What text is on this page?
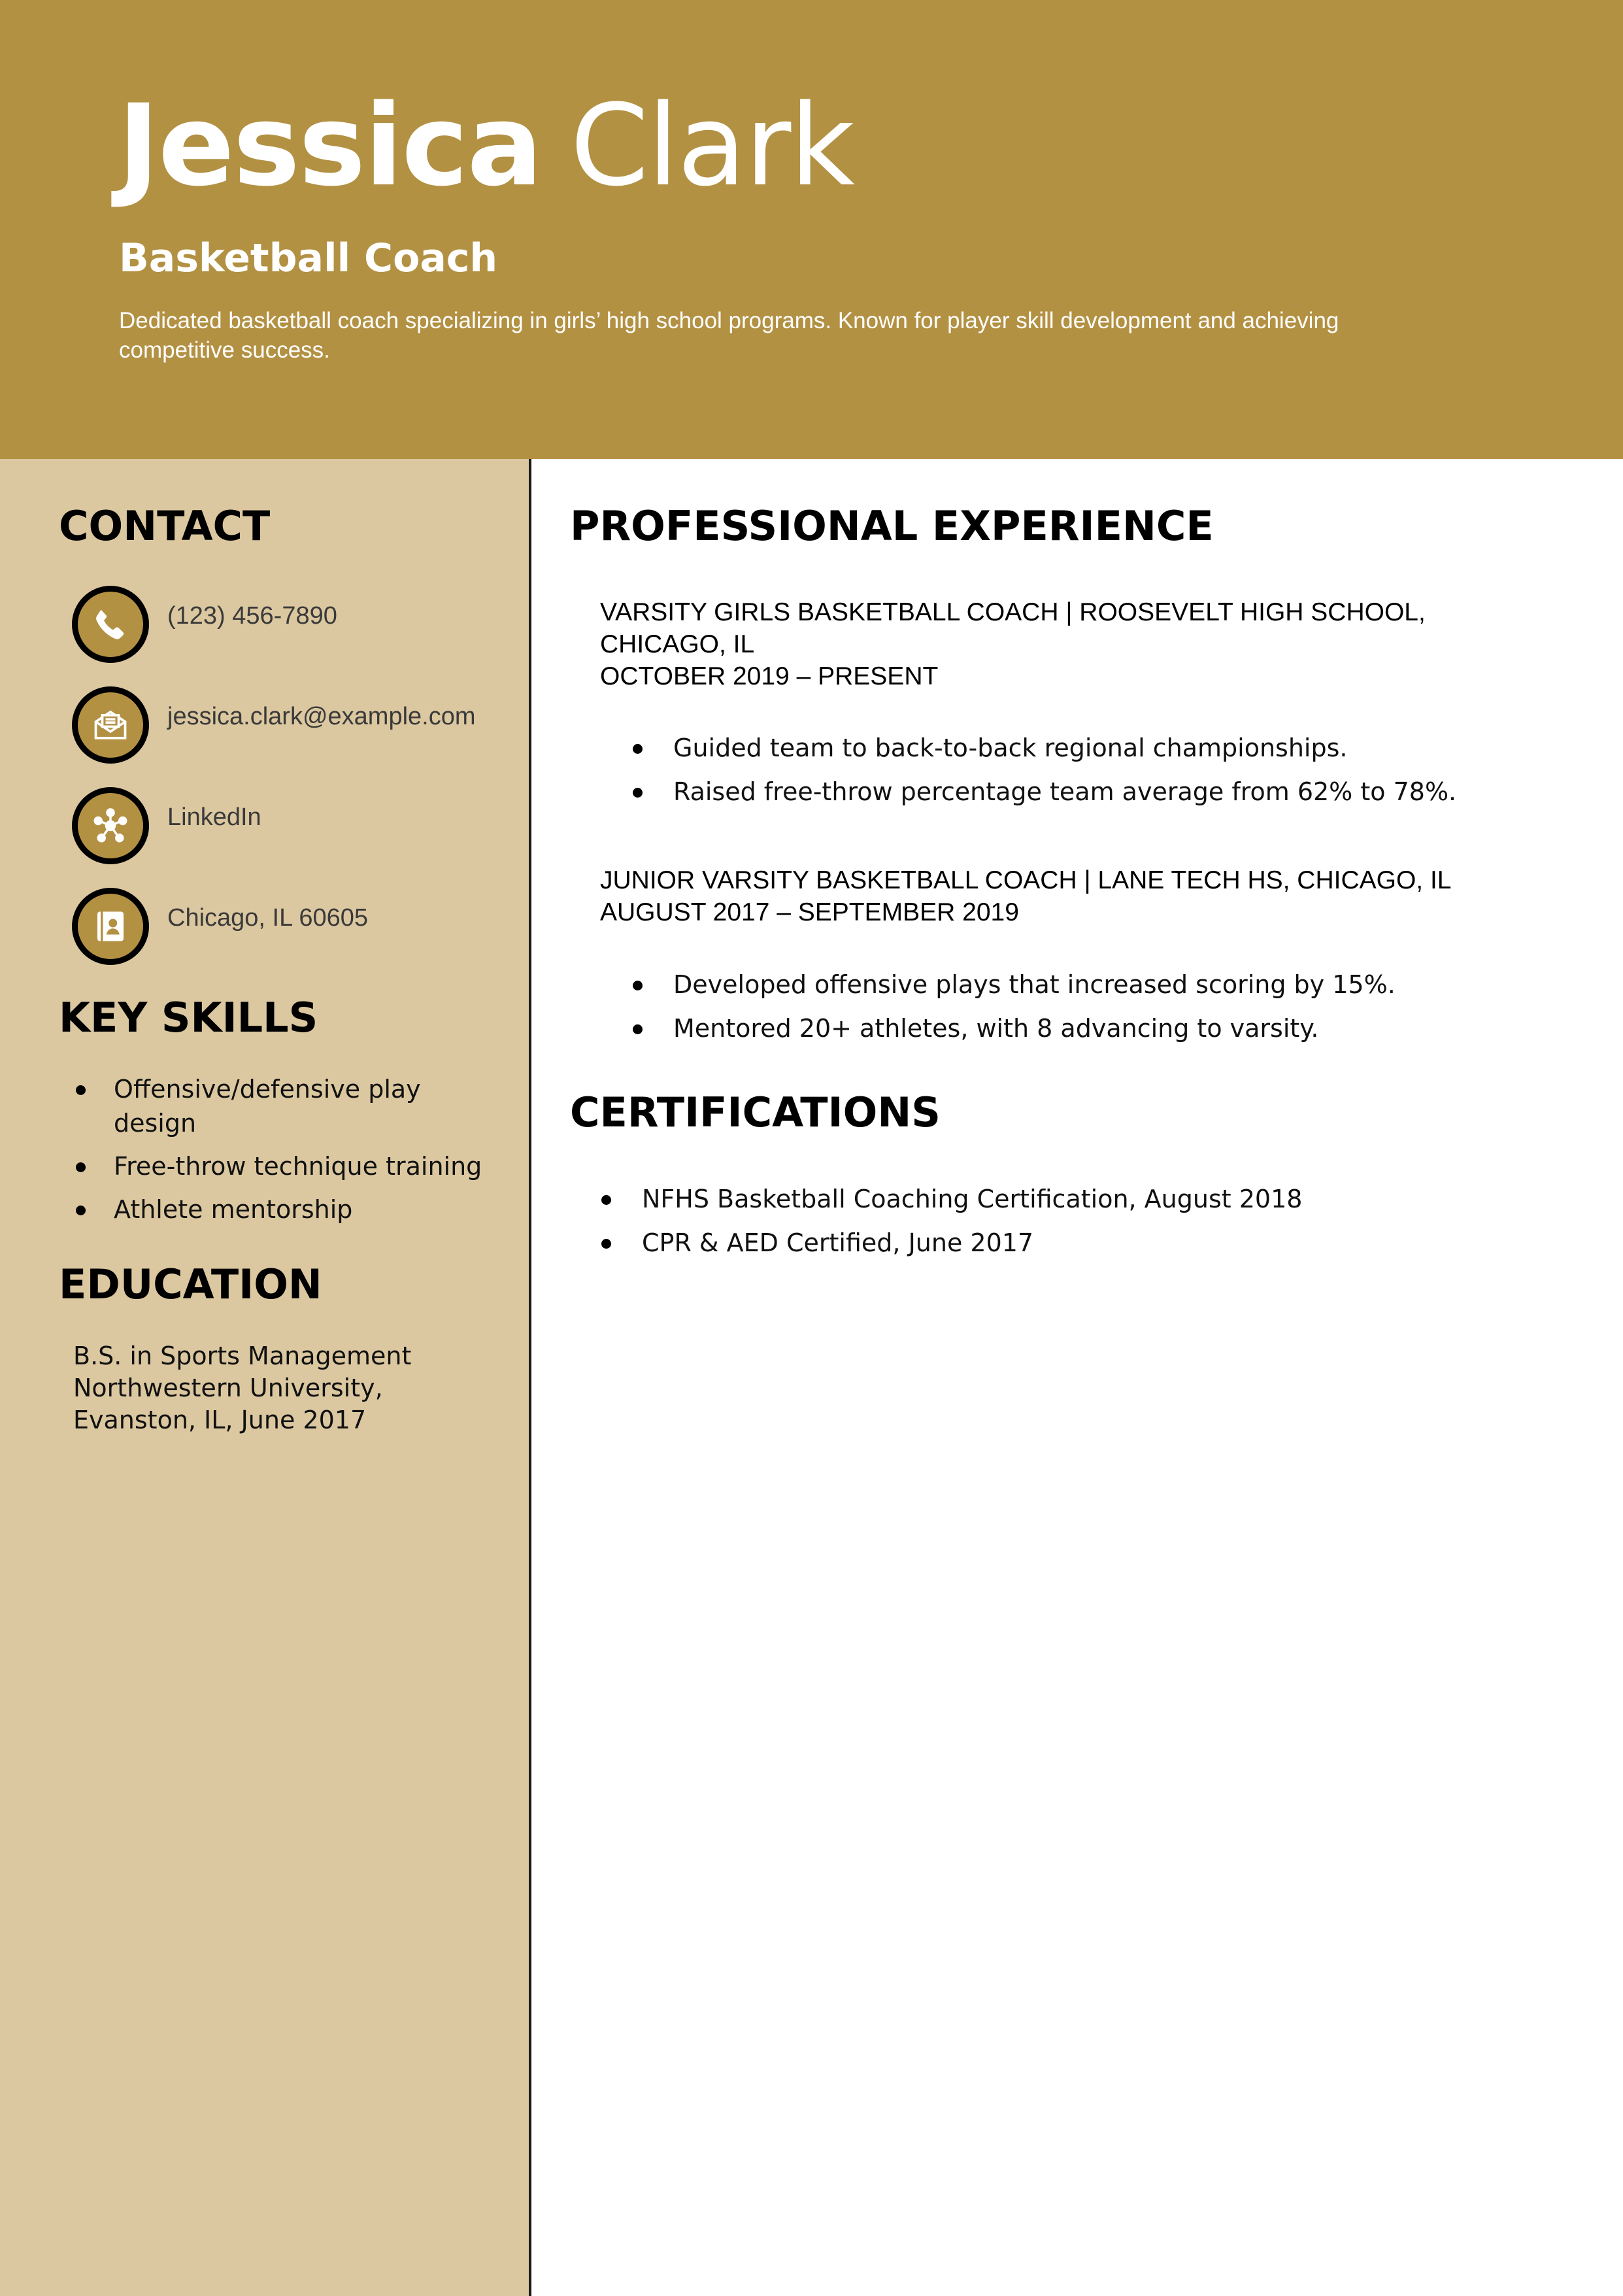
Jessica Clark
Basketball Coach

Dedicated basketball coach specializing in girls’ high school programs. Known for player skill development and achieving competitive success.

CONTACT
(123) 456-7890
jessica.clark@example.com
LinkedIn
Chicago, IL 60605
KEY SKILLS
Offensive/defensive play design
Free-throw technique training
Athlete mentorship
EDUCATION
B.S. in Sports Management
Northwestern University,
Evanston, IL, June 2017
PROFESSIONAL EXPERIENCE
VARSITY GIRLS BASKETBALL COACH | ROOSEVELT HIGH SCHOOL, CHICAGO, IL
OCTOBER 2019 – PRESENT
Guided team to back-to-back regional championships.
Raised free-throw percentage team average from 62% to 78%.
JUNIOR VARSITY BASKETBALL COACH | LANE TECH HS, CHICAGO, IL
AUGUST 2017 – SEPTEMBER 2019
Developed offensive plays that increased scoring by 15%.
Mentored 20+ athletes, with 8 advancing to varsity.
CERTIFICATIONS
NFHS Basketball Coaching Certification, August 2018
CPR & AED Certified, June 2017
